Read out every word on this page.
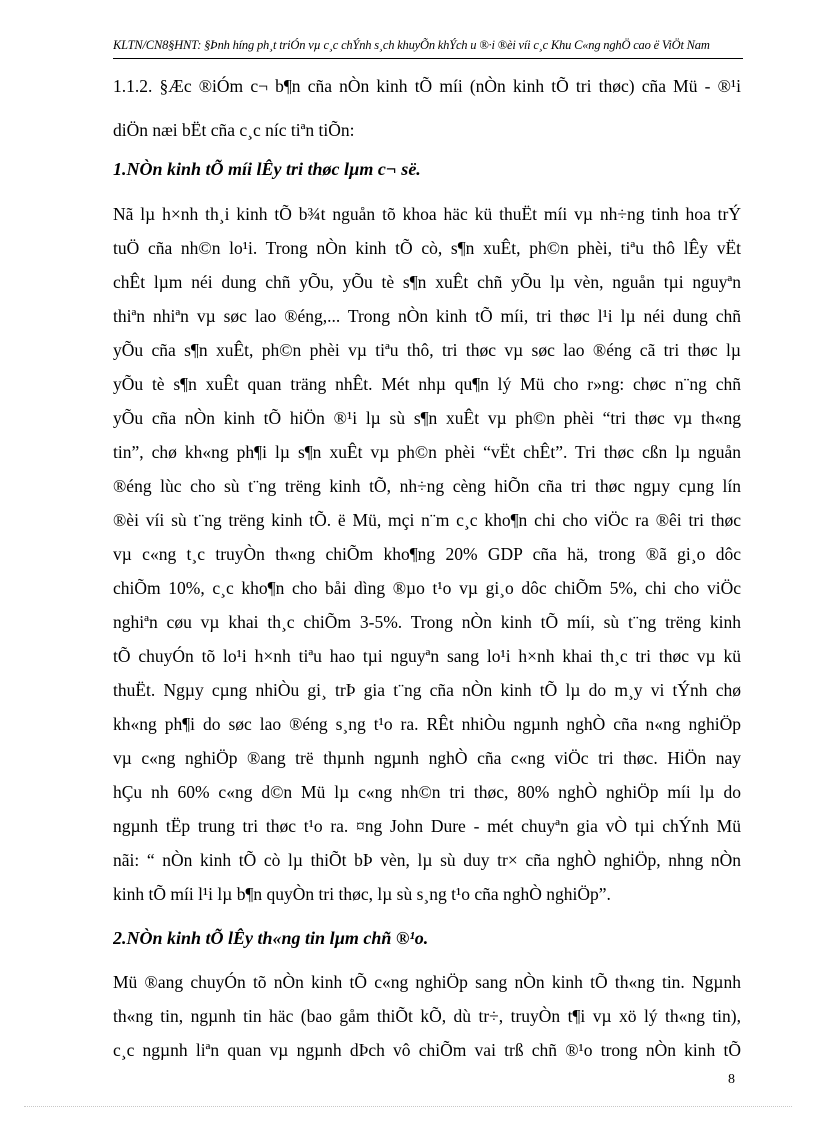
KLTN/CN8§HNT: §Þnh híng ph¸t triÓn vµ c¸c chÝnh s¸ch khuyÕn khÝch u ®·i ®èi víi c¸c Khu C«ng nghÖ cao ë ViÖt Nam
1.1.2. §Æc ®iÓm c¬ b¶n cña nÒn kinh tÕ míi (nÒn kinh tÕ tri thøc) cña Mü - ®¹i
diÖn næi bËt cña c¸c níc tiªn tiÕn:
1.NÒn kinh tÕ míi lÊy tri thøc lµm c¬ së.
Nã lµ h×nh th¸i kinh tÕ b¾t nguån tõ khoa häc kü thuËt míi vµ nh÷ng tinh hoa trÝ
tuÖ cña nh©n lo¹i. Trong nÒn kinh tÕ cò, s¶n xuÊt, ph©n phèi, tiªu thô lÊy vËt
chÊt lµm néi dung chñ yÕu, yÕu tè s¶n xuÊt chñ yÕu lµ vèn, nguån tµi nguyªn
thiªn nhiªn vµ søc lao ®éng,... Trong nÒn kinh tÕ míi, tri thøc l¹i lµ néi dung chñ
yÕu cña s¶n xuÊt, ph©n phèi vµ tiªu thô, tri thøc vµ søc lao ®éng cã tri thøc lµ
yÕu tè s¶n xuÊt quan träng nhÊt. Mét nhµ qu¶n lý Mü cho r»ng: chøc n¨ng chñ
yÕu cña nÒn kinh tÕ hiÖn ®¹i lµ sù s¶n xuÊt vµ ph©n phèi “tri thøc vµ th«ng
tin”, chø kh«ng ph¶i lµ s¶n xuÊt vµ ph©n phèi “vËt chÊt”. Tri thøc cßn lµ nguån
®éng lùc cho sù t¨ng trëng kinh tÕ, nh÷ng cèng hiÕn cña tri thøc ngµy cµng lín
®èi víi sù t¨ng trëng kinh tÕ. ë Mü, mçi n¨m c¸c kho¶n chi cho viÖc ra ®êi tri thøc
vµ c«ng t¸c truyÒn th«ng chiÕm kho¶ng 20% GDP cña hä, trong ®ã gi¸o dôc
chiÕm 10%, c¸c kho¶n cho båi dìng ®µo t¹o vµ gi¸o dôc chiÕm 5%, chi cho viÖc
nghiªn cøu vµ khai th¸c chiÕm 3-5%. Trong nÒn kinh tÕ míi, sù t¨ng trëng kinh
tÕ chuyÓn tõ lo¹i h×nh tiªu hao tµi nguyªn sang lo¹i h×nh khai th¸c tri thøc vµ kü
thuËt. Ngµy cµng nhiÒu gi¸ trÞ gia t¨ng cña nÒn kinh tÕ lµ do m¸y vi tÝnh chø
kh«ng ph¶i do søc lao ®éng s¸ng t¹o ra. RÊt nhiÒu ngµnh nghÒ cña n«ng nghiÖp
vµ c«ng nghiÖp ®ang trë thµnh ngµnh nghÒ cña c«ng viÖc tri thøc. HiÖn nay
hÇu nh 60% c«ng d©n Mü lµ c«ng nh©n tri thøc, 80% nghÒ nghiÖp míi lµ do
ngµnh tËp trung tri thøc t¹o ra. ¤ng John Dure - mét chuyªn gia vÒ tµi chÝnh Mü
nãi: “ nÒn kinh tÕ cò lµ thiÕt bÞ vèn, lµ sù duy tr× cña nghÒ nghiÖp, nhng nÒn
kinh tÕ míi l¹i lµ b¶n quyÒn tri thøc, lµ sù s¸ng t¹o cña nghÒ nghiÖp”.
2.NÒn kinh tÕ lÊy th«ng tin lµm chñ ®¹o.
Mü ®ang chuyÓn tõ nÒn kinh tÕ c«ng nghiÖp sang nÒn kinh tÕ th«ng tin. Ngµnh
th«ng tin, ngµnh tin häc (bao gåm thiÕt kÕ, dù tr÷, truyÒn t¶i vµ xö lý th«ng tin),
c¸c ngµnh liªn quan vµ ngµnh dÞch vô chiÕm vai trß chñ ®¹o trong nÒn kinh tÕ
8
